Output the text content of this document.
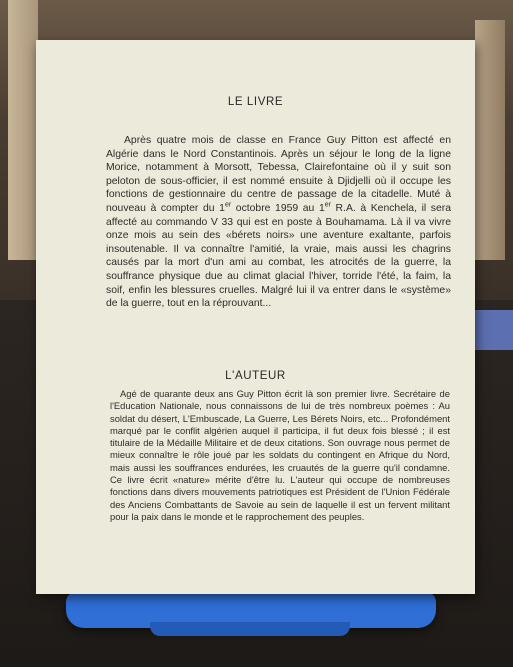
LE LIVRE

Après quatre mois de classe en France Guy Pitton est affecté en Algérie dans le Nord Constantinois. Après un séjour le long de la ligne Morice, notamment à Morsott, Tebessa, Clairefontaine où il y suit son peloton de sous-officier, il est nommé ensuite à Djidjelli où il occupe les fonctions de gestionnaire du centre de passage de la citadelle. Muté à nouveau à compter du 1er octobre 1959 au 1er R.A. à Kenchela, il sera affecté au commando V 33 qui est en poste à Bouhamama. Là il va vivre onze mois au sein des «bérets noirs» une aventure exaltante, parfois insoutenable. Il va connaître l'amitié, la vraie, mais aussi les chagrins causés par la mort d'un ami au combat, les atrocités de la guerre, la souffrance physique due au climat glacial l'hiver, torride l'été, la faim, la soif, enfin les blessures cruelles. Malgré lui il va entrer dans le «système» de la guerre, tout en la réprouvant...

L'AUTEUR

Agé de quarante deux ans Guy Pitton écrit là son premier livre. Secrétaire de l'Education Nationale, nous connaissons de lui de très nombreux poèmes : Au soldat du désert, L'Embuscade, La Guerre, Les Bérets Noirs, etc... Profondément marqué par le conflit algérien auquel il participa, il fut deux fois blessé ; il est titulaire de la Médaille Militaire et de deux citations. Son ouvrage nous permet de mieux connaître le rôle joué par les soldats du contingent en Afrique du Nord, mais aussi les souffrances endurées, les cruautés de la guerre qu'il condamne. Ce livre écrit «nature» mérite d'être lu. L'auteur qui occupe de nombreuses fonctions dans divers mouvements patriotiques est Président de l'Union Fédérale des Anciens Combattants de Savoie au sein de laquelle il est un fervent militant pour la paix dans le monde et le rapprochement des peuples.
